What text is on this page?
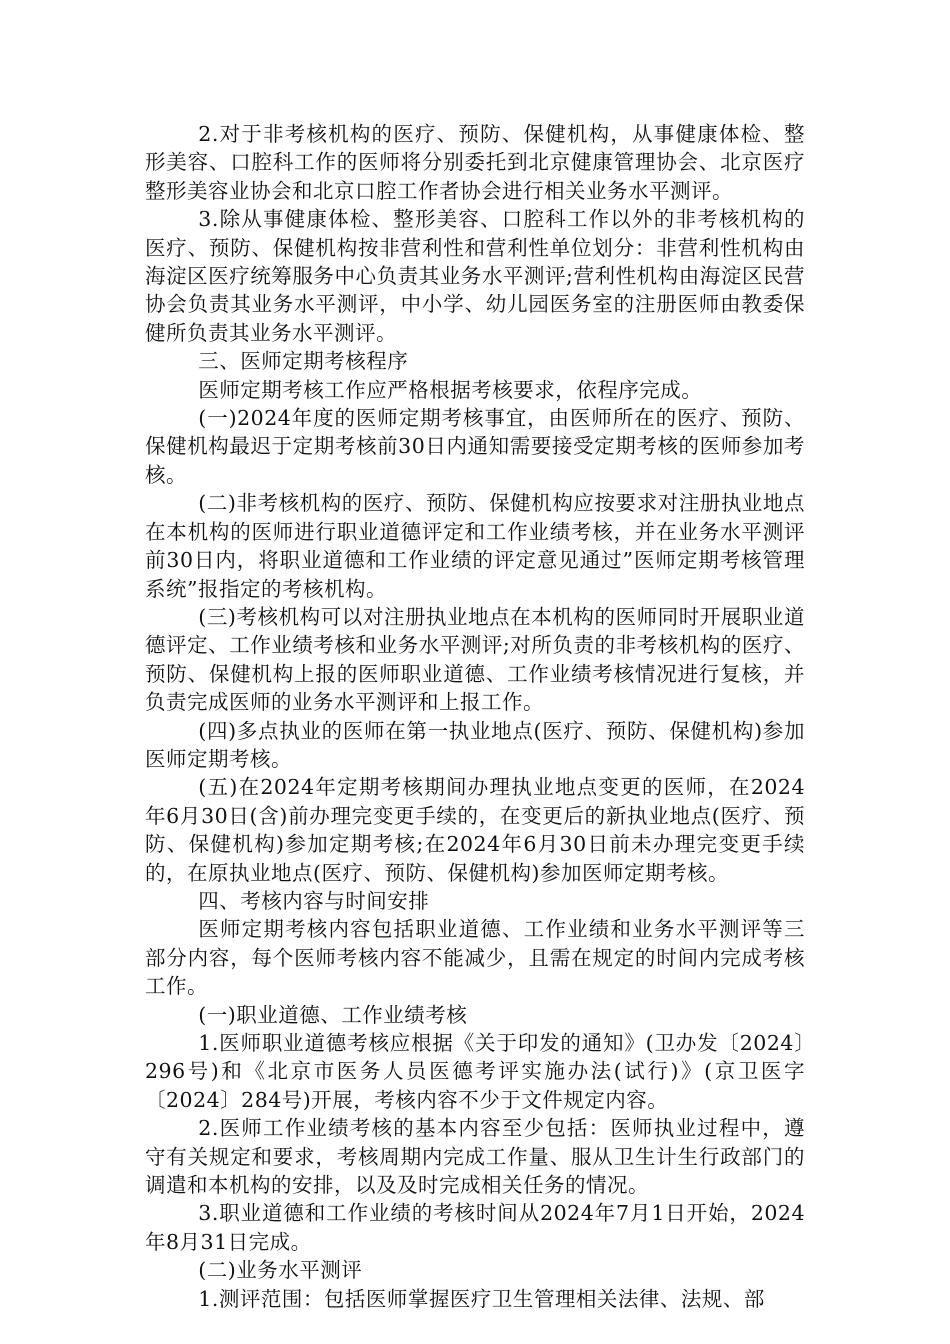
2.对于非考核机构的医疗、预防、保健机构，从事健康体检、整形美容、口腔科工作的医师将分别委托到北京健康管理协会、北京医疗整形美容业协会和北京口腔工作者协会进行相关业务水平测评。

3.除从事健康体检、整形美容、口腔科工作以外的非考核机构的医疗、预防、保健机构按非营利性和营利性单位划分：非营利性机构由海淀区医疗统筹服务中心负责其业务水平测评;营利性机构由海淀区民营协会负责其业务水平测评，中小学、幼儿园医务室的注册医师由教委保健所负责其业务水平测评。

三、医师定期考核程序

医师定期考核工作应严格根据考核要求，依程序完成。

(一)2024年度的医师定期考核事宜，由医师所在的医疗、预防、保健机构最迟于定期考核前30日内通知需要接受定期考核的医师参加考核。

(二)非考核机构的医疗、预防、保健机构应按要求对注册执业地点在本机构的医师进行职业道德评定和工作业绩考核，并在业务水平测评前30日内，将职业道德和工作业绩的评定意见通过”医师定期考核管理系统”报指定的考核机构。

(三)考核机构可以对注册执业地点在本机构的医师同时开展职业道德评定、工作业绩考核和业务水平测评;对所负责的非考核机构的医疗、预防、保健机构上报的医师职业道德、工作业绩考核情况进行复核，并负责完成医师的业务水平测评和上报工作。

(四)多点执业的医师在第一执业地点(医疗、预防、保健机构)参加医师定期考核。

(五)在2024年定期考核期间办理执业地点变更的医师，在2024年6月30日(含)前办理完变更手续的，在变更后的新执业地点(医疗、预防、保健机构)参加定期考核;在2024年6月30日前未办理完变更手续的，在原执业地点(医疗、预防、保健机构)参加医师定期考核。

四、考核内容与时间安排

医师定期考核内容包括职业道德、工作业绩和业务水平测评等三部分内容，每个医师考核内容不能减少，且需在规定的时间内完成考核工作。

(一)职业道德、工作业绩考核

1.医师职业道德考核应根据《关于印发的通知》(卫办发〔2024〕296号)和《北京市医务人员医德考评实施办法(试行)》(京卫医字〔2024〕284号)开展，考核内容不少于文件规定内容。

2.医师工作业绩考核的基本内容至少包括：医师执业过程中，遵守有关规定和要求，考核周期内完成工作量、服从卫生计生行政部门的调遣和本机构的安排，以及及时完成相关任务的情况。

3.职业道德和工作业绩的考核时间从2024年7月1日开始，2024年8月31日完成。

(二)业务水平测评

1.测评范围：包括医师掌握医疗卫生管理相关法律、法规、部
